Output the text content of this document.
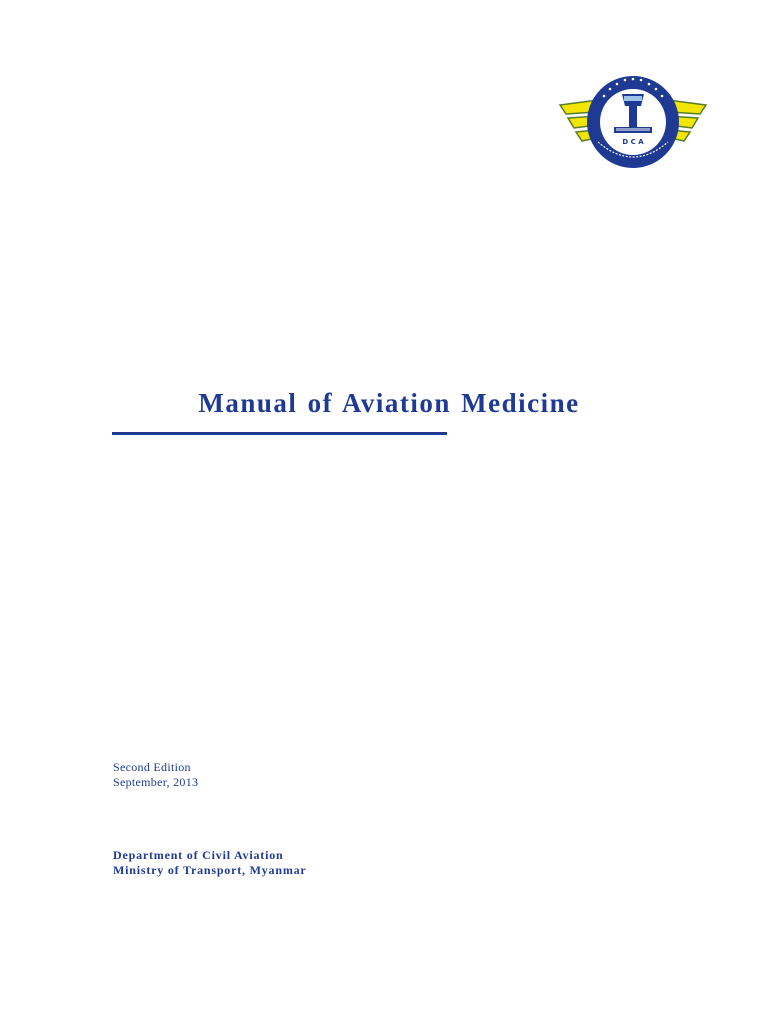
D C A
Manual of Aviation Medicine
Second Edition
September, 2013
Department of Civil Aviation
Ministry of Transport, Myanmar
